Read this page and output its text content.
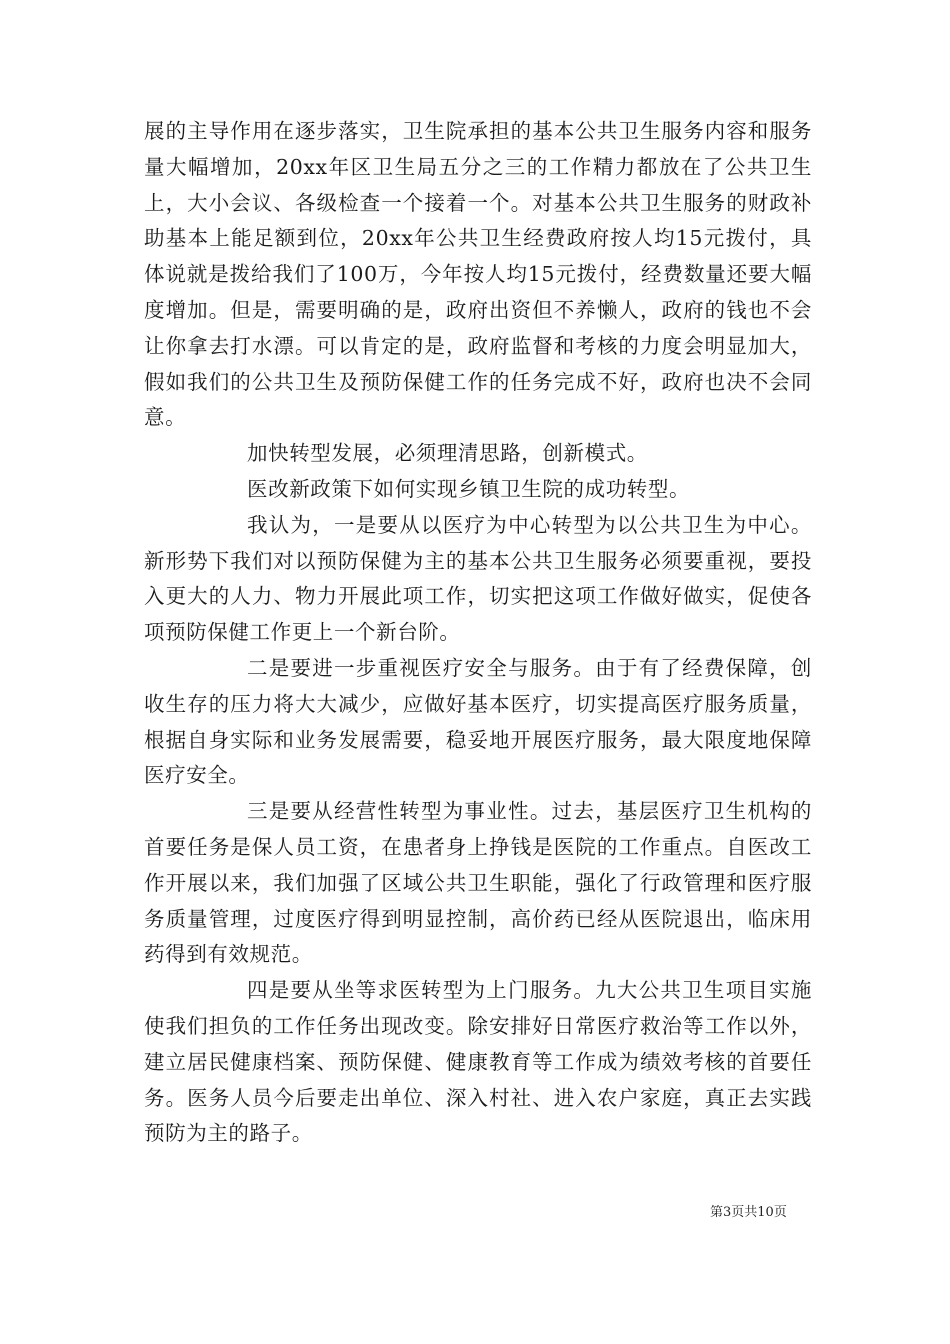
展的主导作用在逐步落实，卫生院承担的基本公共卫生服务内容和服务量大幅增加，20xx年区卫生局五分之三的工作精力都放在了公共卫生上，大小会议、各级检查一个接着一个。对基本公共卫生服务的财政补助基本上能足额到位，20xx年公共卫生经费政府按人均15元拨付，具体说就是拨给我们了100万，今年按人均15元拨付，经费数量还要大幅度增加。但是，需要明确的是，政府出资但不养懒人，政府的钱也不会让你拿去打水漂。可以肯定的是，政府监督和考核的力度会明显加大，假如我们的公共卫生及预防保健工作的任务完成不好，政府也决不会同意。

加快转型发展，必须理清思路，创新模式。

医改新政策下如何实现乡镇卫生院的成功转型。

我认为，一是要从以医疗为中心转型为以公共卫生为中心。新形势下我们对以预防保健为主的基本公共卫生服务必须要重视，要投入更大的人力、物力开展此项工作，切实把这项工作做好做实，促使各项预防保健工作更上一个新台阶。

二是要进一步重视医疗安全与服务。由于有了经费保障，创收生存的压力将大大减少，应做好基本医疗，切实提高医疗服务质量，根据自身实际和业务发展需要，稳妥地开展医疗服务，最大限度地保障医疗安全。

三是要从经营性转型为事业性。过去，基层医疗卫生机构的首要任务是保人员工资，在患者身上挣钱是医院的工作重点。自医改工作开展以来，我们加强了区域公共卫生职能，强化了行政管理和医疗服务质量管理，过度医疗得到明显控制，高价药已经从医院退出，临床用药得到有效规范。

四是要从坐等求医转型为上门服务。九大公共卫生项目实施使我们担负的工作任务出现改变。除安排好日常医疗救治等工作以外，建立居民健康档案、预防保健、健康教育等工作成为绩效考核的首要任务。医务人员今后要走出单位、深入村社、进入农户家庭，真正去实践预防为主的路子。

第3页共10页
